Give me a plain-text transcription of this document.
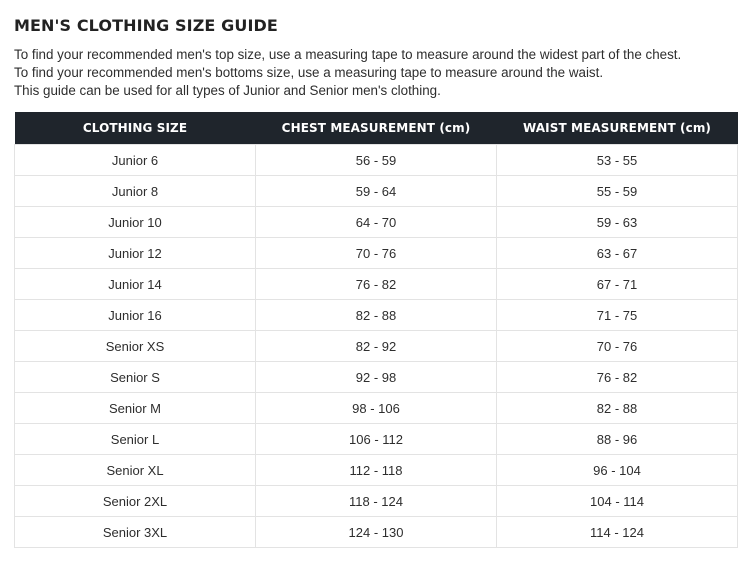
MEN'S CLOTHING SIZE GUIDE

To find your recommended men's top size, use a measuring tape to measure around the widest part of the chest.

To find your recommended men's bottoms size, use a measuring tape to measure around the waist.

This guide can be used for all types of Junior and Senior men's clothing.

CLOTHING SIZE	CHEST MEASUREMENT (cm)	WAIST MEASUREMENT (cm)
Junior 6	56 - 59	53 - 55
Junior 8	59 - 64	55 - 59
Junior 10	64 - 70	59 - 63
Junior 12	70 - 76	63 - 67
Junior 14	76 - 82	67 - 71
Junior 16	82 - 88	71 - 75
Senior XS	82 - 92	70 - 76
Senior S	92 - 98	76 - 82
Senior M	98 - 106	82 - 88
Senior L	106 - 112	88 - 96
Senior XL	112 - 118	96 - 104
Senior 2XL	118 - 124	104 - 114
Senior 3XL	124 - 130	114 - 124
